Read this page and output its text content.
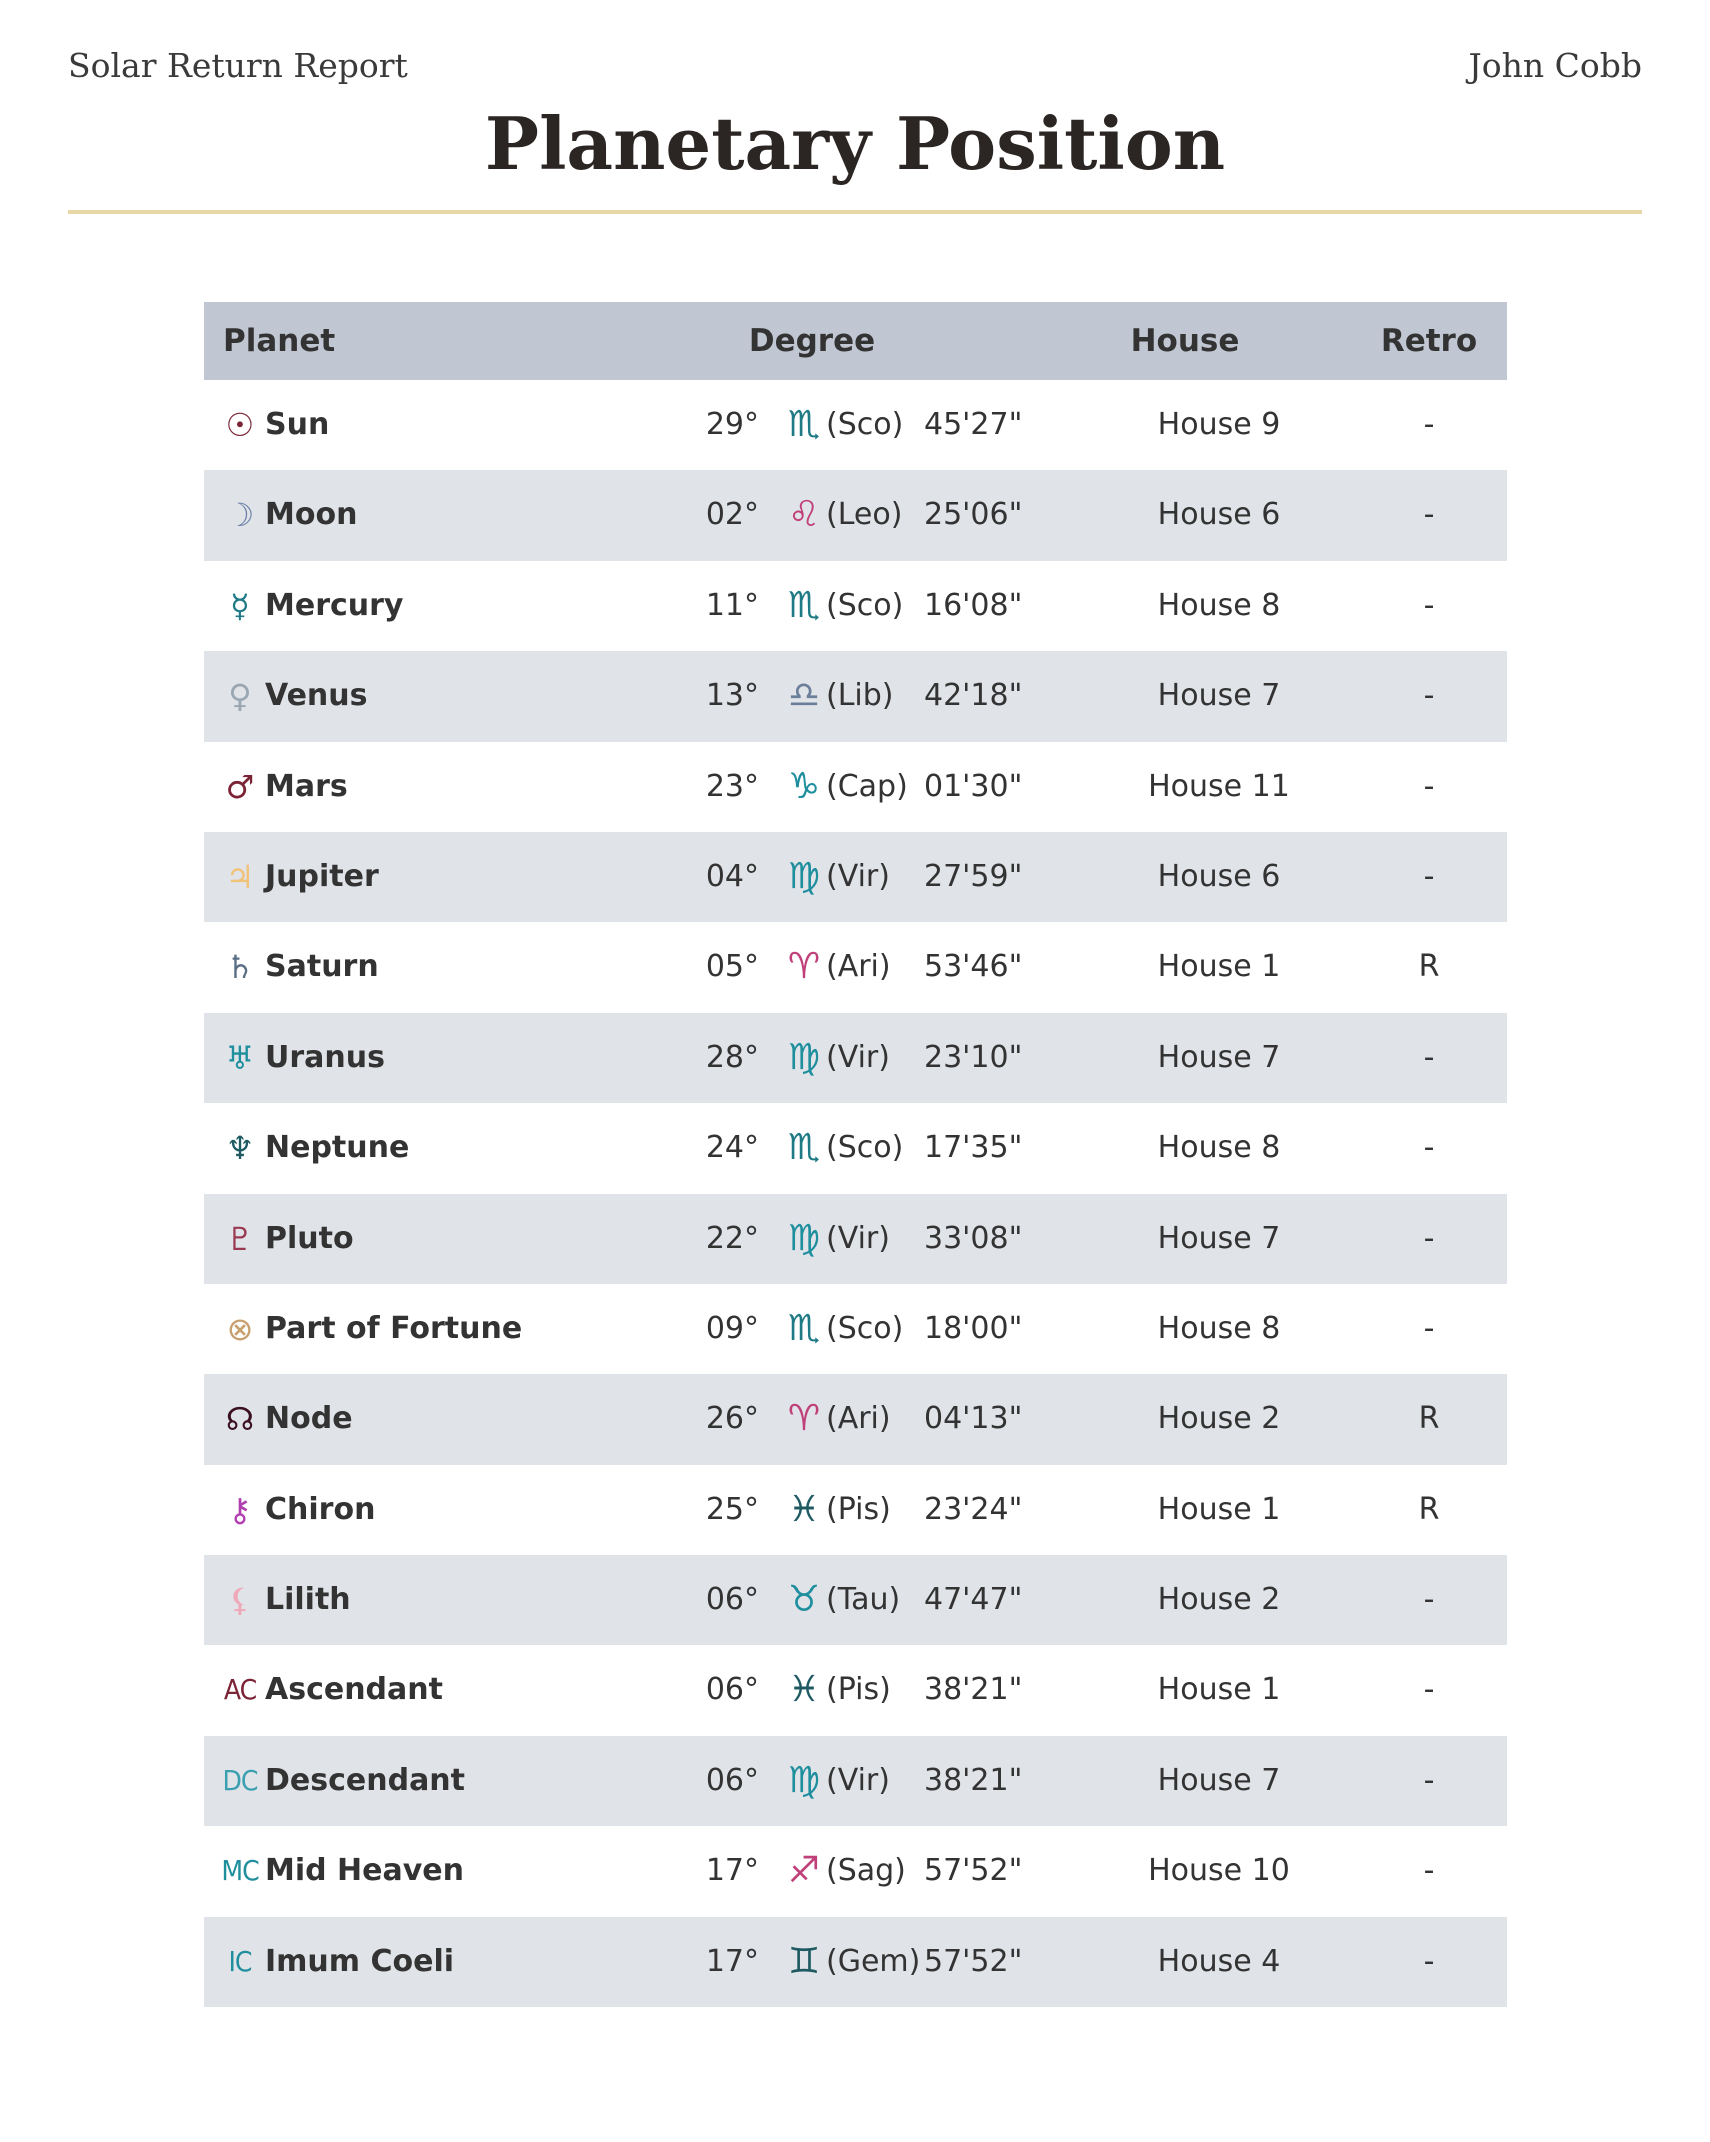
Solar Return Report	John Cobb
Planetary Position
Planet	Degree	House	Retro
☉ Sun	29° ♏ (Sco) 45'27"	House 9	-
☽ Moon	02° ♌ (Leo) 25'06"	House 6	-
☿ Mercury	11° ♏ (Sco) 16'08"	House 8	-
♀ Venus	13° ♎ (Lib) 42'18"	House 7	-
♂ Mars	23° ♑ (Cap) 01'30"	House 11	-
♃ Jupiter	04° ♍ (Vir) 27'59"	House 6	-
♄ Saturn	05° ♈ (Ari) 53'46"	House 1	R
♅ Uranus	28° ♍ (Vir) 23'10"	House 7	-
♆ Neptune	24° ♏ (Sco) 17'35"	House 8	-
♇ Pluto	22° ♍ (Vir) 33'08"	House 7	-
⊗ Part of Fortune	09° ♏ (Sco) 18'00"	House 8	-
☊ Node	26° ♈ (Ari) 04'13"	House 2	R
⚷ Chiron	25° ♓ (Pis) 23'24"	House 1	R
⚸ Lilith	06° ♉ (Tau) 47'47"	House 2	-
AC Ascendant	06° ♓ (Pis) 38'21"	House 1	-
DC Descendant	06° ♍ (Vir) 38'21"	House 7	-
MC Mid Heaven	17° ♐ (Sag) 57'52"	House 10	-
IC Imum Coeli	17° ♊ (Gem) 57'52"	House 4	-
